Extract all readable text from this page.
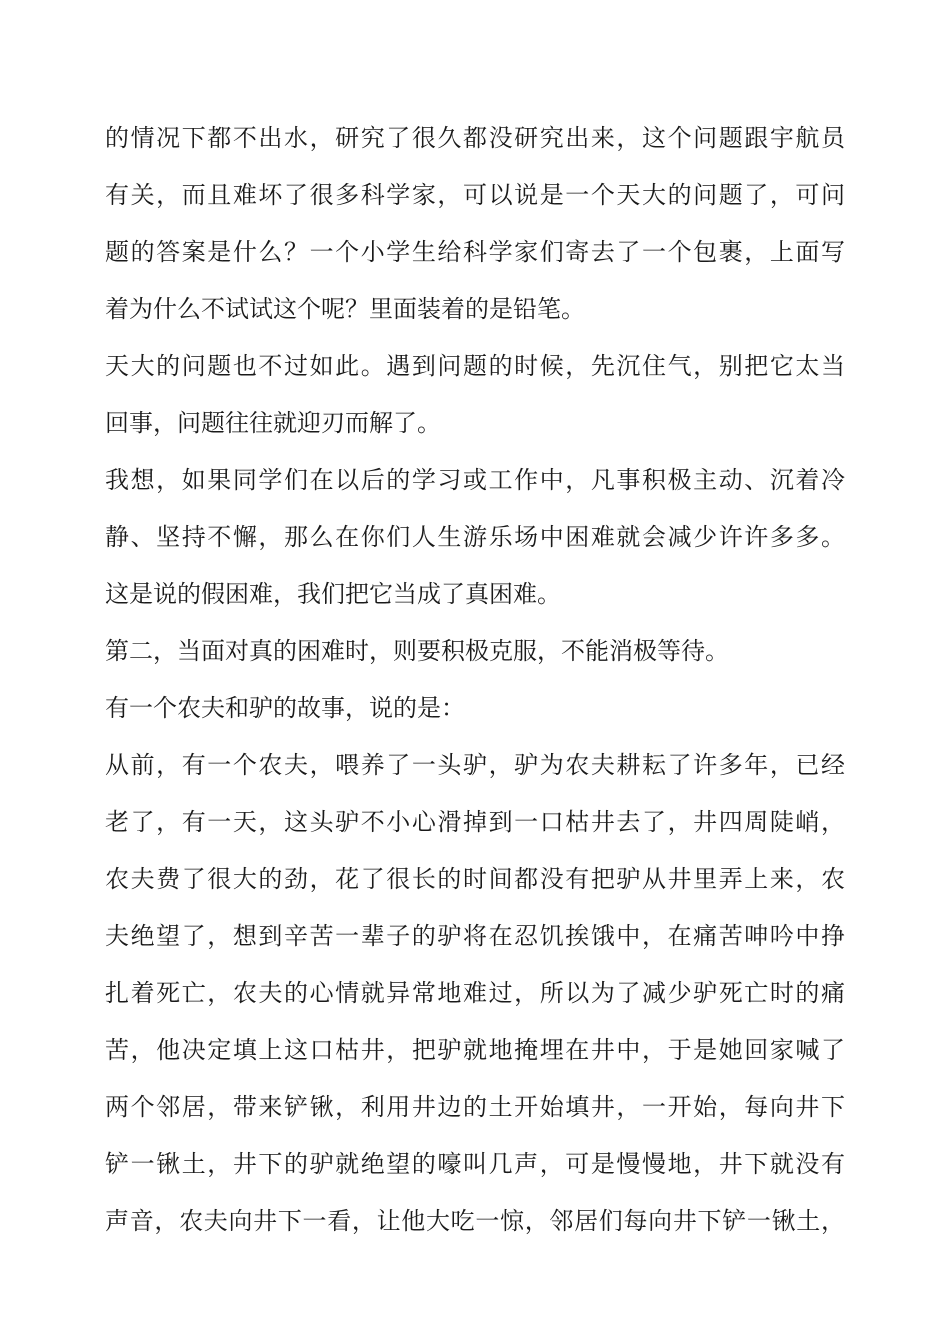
的情况下都不出水，研究了很久都没研究出来，这个问题跟宇航员
有关，而且难坏了很多科学家，可以说是一个天大的问题了，可问
题的答案是什么？一个小学生给科学家们寄去了一个包裹，上面写
着为什么不试试这个呢？里面装着的是铅笔。
天大的问题也不过如此。遇到问题的时候，先沉住气，别把它太当
回事，问题往往就迎刃而解了。
我想，如果同学们在以后的学习或工作中，凡事积极主动、沉着冷
静、坚持不懈，那么在你们人生游乐场中困难就会减少许许多多。
这是说的假困难，我们把它当成了真困难。
第二，当面对真的困难时，则要积极克服，不能消极等待。
有一个农夫和驴的故事，说的是：
从前，有一个农夫，喂养了一头驴，驴为农夫耕耘了许多年，已经
老了，有一天，这头驴不小心滑掉到一口枯井去了，井四周陡峭，
农夫费了很大的劲，花了很长的时间都没有把驴从井里弄上来，农
夫绝望了，想到辛苦一辈子的驴将在忍饥挨饿中，在痛苦呻吟中挣
扎着死亡，农夫的心情就异常地难过，所以为了减少驴死亡时的痛
苦，他决定填上这口枯井，把驴就地掩埋在井中，于是她回家喊了
两个邻居，带来铲锹，利用井边的土开始填井，一开始，每向井下
铲一锹土，井下的驴就绝望的嚎叫几声，可是慢慢地，井下就没有
声音，农夫向井下一看，让他大吃一惊，邻居们每向井下铲一锹土，
